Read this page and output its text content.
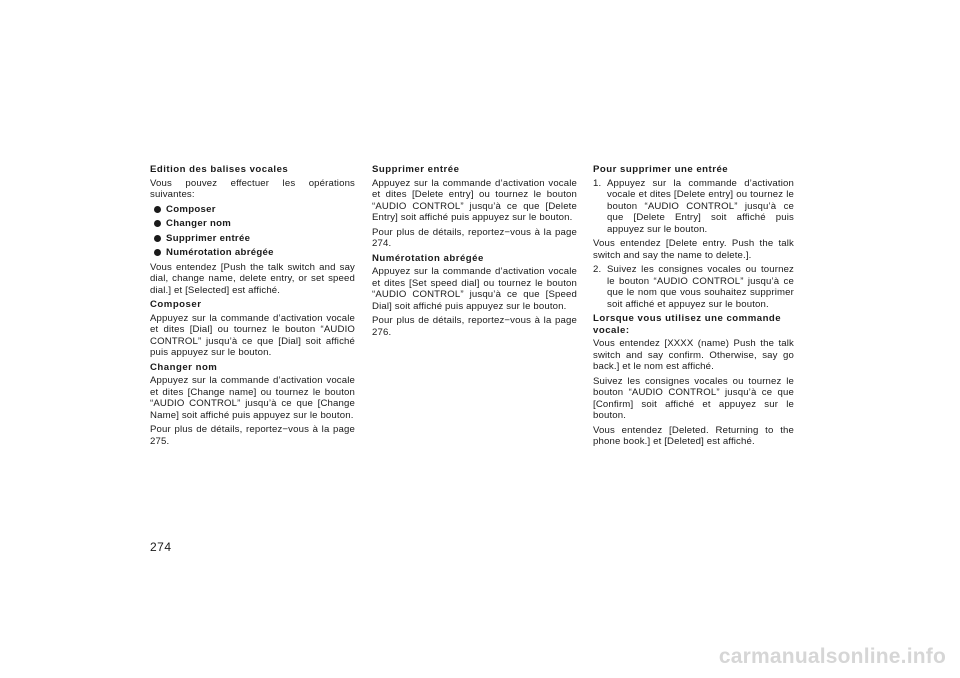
Edition des balises vocales
Vous pouvez effectuer les opérations suivantes:
Composer
Changer nom
Supprimer entrée
Numérotation abrégée
Vous entendez [Push the talk switch and say dial, change name, delete entry, or set speed dial.] et [Selected] est affiché.
Composer
Appuyez sur la commande d’activation vocale et dites [Dial] ou tournez le bouton “AUDIO CONTROL” jusqu’à ce que [Dial] soit affiché puis appuyez sur le bouton.
Changer nom
Appuyez sur la commande d’activation vocale et dites [Change name] ou tournez le bouton “AUDIO CONTROL” jusqu’à ce que [Change Name] soit affiché puis appuyez sur le bouton.
Pour plus de détails, reportez−vous à la page 275.
Supprimer entrée
Appuyez sur la commande d’activation vocale et dites [Delete entry] ou tournez le bouton “AUDIO CONTROL” jusqu’à ce que [Delete Entry] soit affiché puis appuyez sur le bouton.
Pour plus de détails, reportez−vous à la page 274.
Numérotation abrégée
Appuyez sur la commande d’activation vocale et dites [Set speed dial] ou tournez le bouton “AUDIO CONTROL” jusqu’à ce que [Speed Dial] soit affiché puis appuyez sur le bouton.
Pour plus de détails, reportez−vous à la page 276.
Pour supprimer une entrée
1. Appuyez sur la commande d’activation vocale et dites [Delete entry] ou tournez le bouton “AUDIO CONTROL” jusqu’à ce que [Delete Entry] soit affiché puis appuyez sur le bouton.
Vous entendez [Delete entry. Push the talk switch and say the name to delete.].
2. Suivez les consignes vocales ou tournez le bouton “AUDIO CONTROL” jusqu’à ce que le nom que vous souhaitez supprimer soit affiché et appuyez sur le bouton.
Lorsque vous utilisez une commande vocale:
Vous entendez [XXXX (name) Push the talk switch and say confirm. Otherwise, say go back.] et le nom est affiché.
Suivez les consignes vocales ou tournez le bouton “AUDIO CONTROL” jusqu’à ce que [Confirm] soit affiché et appuyez sur le bouton.
Vous entendez [Deleted. Returning to the phone book.] et [Deleted] est affiché.
274
carmanualsonline.info
